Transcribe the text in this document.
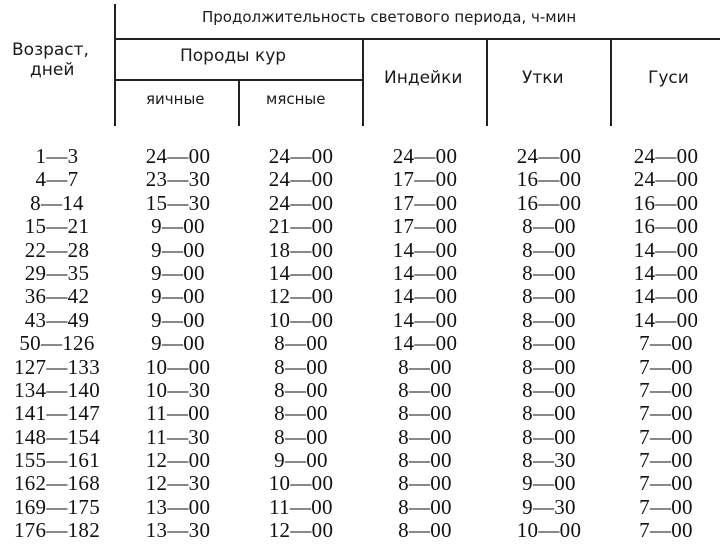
Возраст,
дней
Продолжительность светового периода, ч-мин
Породы кур
яичные	мясные
Индейки	Утки	Гуси
1—3	24—00	24—00	24—00	24—00	24—00
4—7	23—30	24—00	17—00	16—00	24—00
8—14	15—30	24—00	17—00	16—00	16—00
15—21	9—00	21—00	17—00	8—00	16—00
22—28	9—00	18—00	14—00	8—00	14—00
29—35	9—00	14—00	14—00	8—00	14—00
36—42	9—00	12—00	14—00	8—00	14—00
43—49	9—00	10—00	14—00	8—00	14—00
50—126	9—00	8—00	14—00	8—00	7—00
127—133	10—00	8—00	8—00	8—00	7—00
134—140	10—30	8—00	8—00	8—00	7—00
141—147	11—00	8—00	8—00	8—00	7—00
148—154	11—30	8—00	8—00	8—00	7—00
155—161	12—00	9—00	8—00	8—30	7—00
162—168	12—30	10—00	8—00	9—00	7—00
169—175	13—00	11—00	8—00	9—30	7—00
176—182	13—30	12—00	8—00	10—00	7—00
